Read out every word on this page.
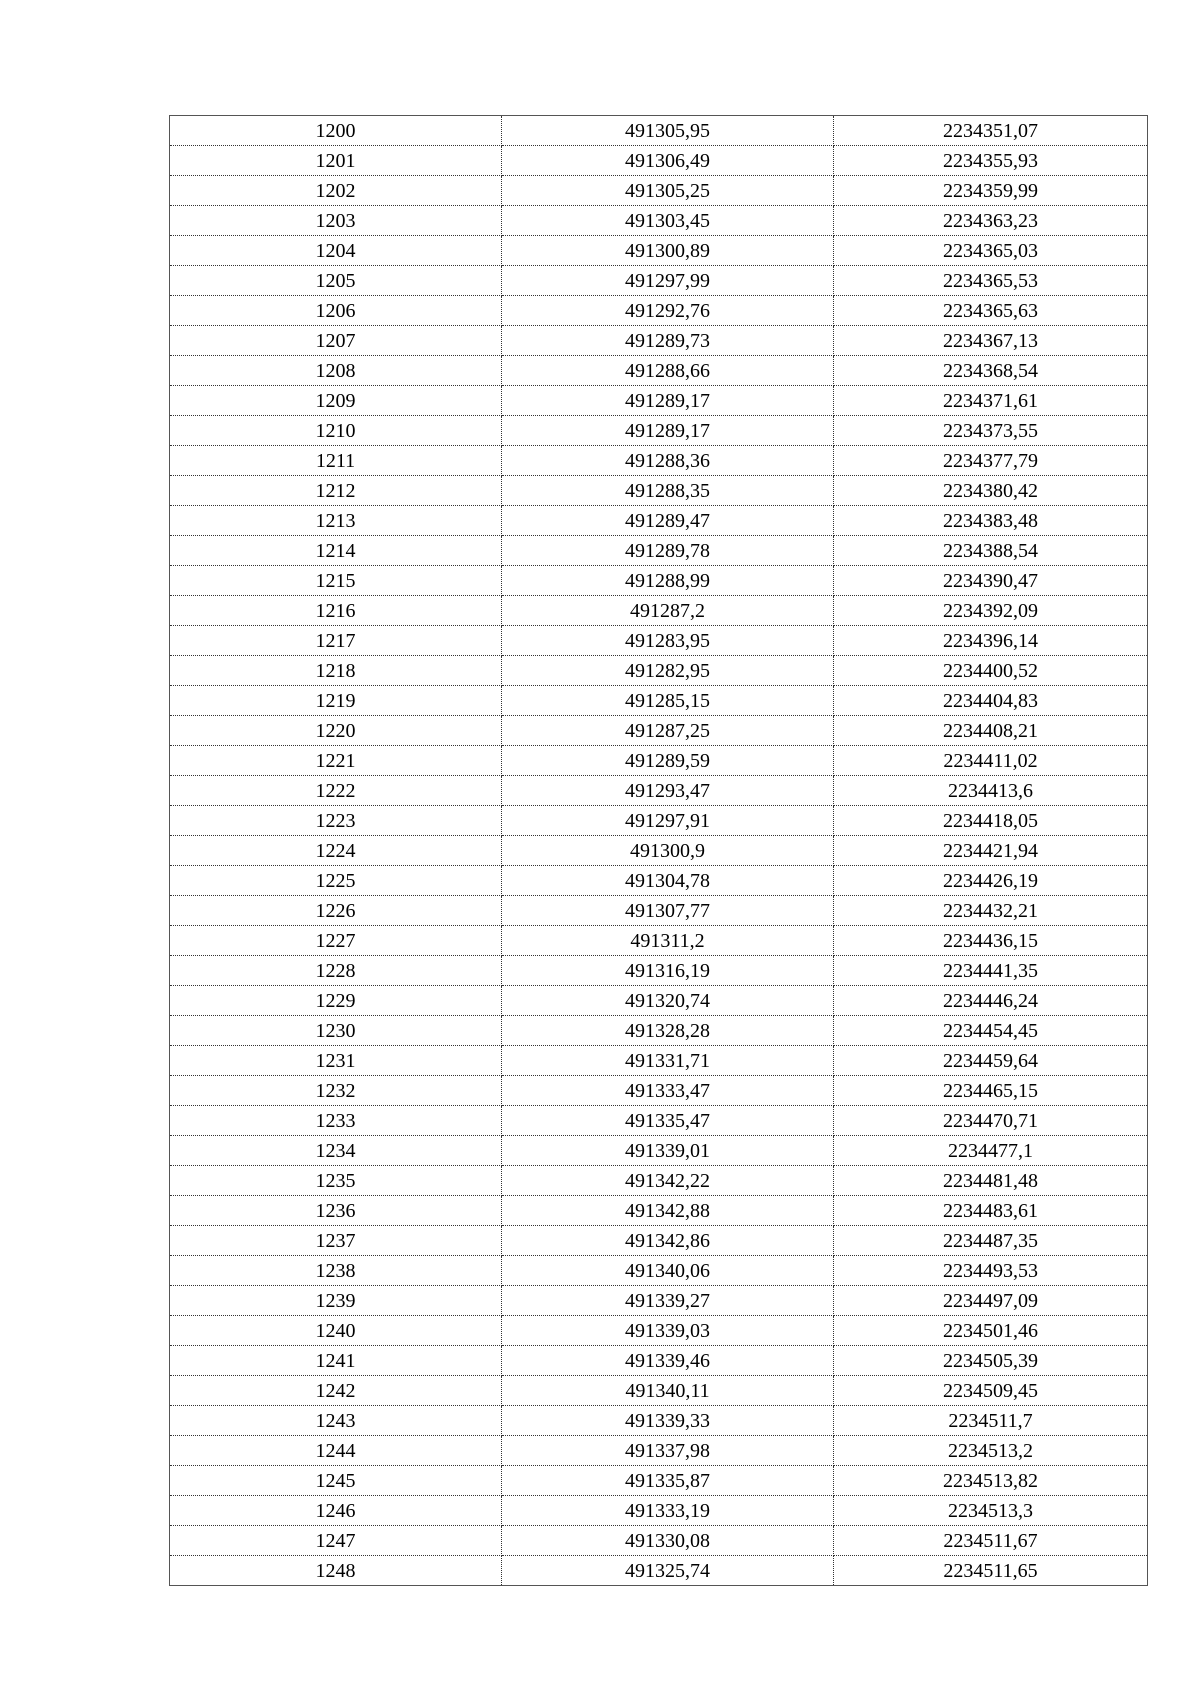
1200	491305,95	2234351,07
1201	491306,49	2234355,93
1202	491305,25	2234359,99
1203	491303,45	2234363,23
1204	491300,89	2234365,03
1205	491297,99	2234365,53
1206	491292,76	2234365,63
1207	491289,73	2234367,13
1208	491288,66	2234368,54
1209	491289,17	2234371,61
1210	491289,17	2234373,55
1211	491288,36	2234377,79
1212	491288,35	2234380,42
1213	491289,47	2234383,48
1214	491289,78	2234388,54
1215	491288,99	2234390,47
1216	491287,2	2234392,09
1217	491283,95	2234396,14
1218	491282,95	2234400,52
1219	491285,15	2234404,83
1220	491287,25	2234408,21
1221	491289,59	2234411,02
1222	491293,47	2234413,6
1223	491297,91	2234418,05
1224	491300,9	2234421,94
1225	491304,78	2234426,19
1226	491307,77	2234432,21
1227	491311,2	2234436,15
1228	491316,19	2234441,35
1229	491320,74	2234446,24
1230	491328,28	2234454,45
1231	491331,71	2234459,64
1232	491333,47	2234465,15
1233	491335,47	2234470,71
1234	491339,01	2234477,1
1235	491342,22	2234481,48
1236	491342,88	2234483,61
1237	491342,86	2234487,35
1238	491340,06	2234493,53
1239	491339,27	2234497,09
1240	491339,03	2234501,46
1241	491339,46	2234505,39
1242	491340,11	2234509,45
1243	491339,33	2234511,7
1244	491337,98	2234513,2
1245	491335,87	2234513,82
1246	491333,19	2234513,3
1247	491330,08	2234511,67
1248	491325,74	2234511,65
